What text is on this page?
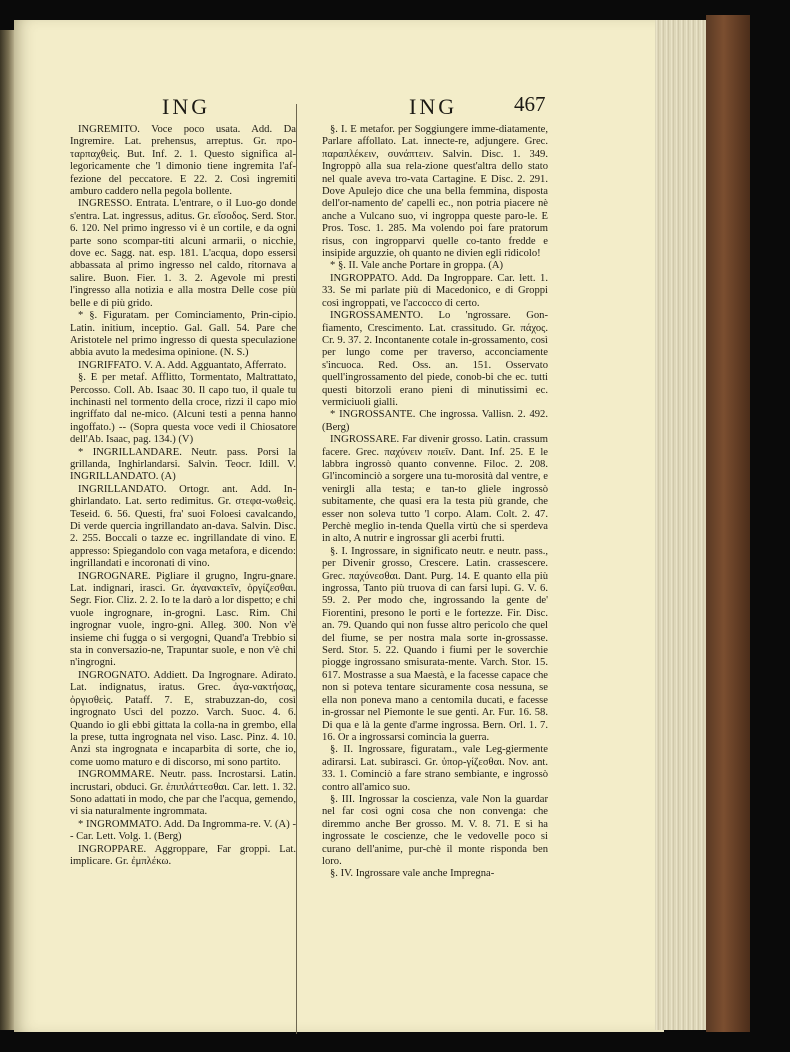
ING	ING	467

INGREMITO. Voce poco usata. Add. Da Ingremire. Lat. prehensus, arreptus. Gr. προ-ταρπαχθεὶς. But. Inf. 2. 1. Questo significa al-legoricamente che 'l dimonio tiene ingremita l'af-fezione del peccatore. E 22. 2. Così ingremiti amburo caddero nella pegola bollente.

INGRESSO. Entrata. L'entrare, o il Luo-go donde s'entra. Lat. ingressus, aditus. Gr. εἴσοδος. Serd. Stor. 6. 120. Nel primo ingresso vi è un cortile, e da ogni parte sono scompar-titi alcuni armarii, o nicchie, dove ec. Sagg. nat. esp. 181. L'acqua, dopo essersi abbassata al primo ingresso nel caldo, ritornava a salire. Buon. Fier. 1. 3. 2. Agevole mi presti l'ingresso alla notizia e alla mostra Delle cose più belle e di più grido.

* §. Figuratam. per Cominciamento, Prin-cipio. Latin. initium, inceptio. Gal. Gall. 54. Pare che Aristotele nel primo ingresso di questa speculazione abbia avuto la medesima opinione. (N. S.)

INGRIFFATO. V. A. Add. Agguantato, Afferrato.

§. E per metaf. Afflitto, Tormentato, Maltrattato, Percosso. Coll. Ab. Isaac 30. Il capo tuo, il quale tu inchinasti nel tormento della croce, rizzi il capo mio ingriffato dal ne-mico. (Alcuni testi a penna hanno ingoffato.) -- (Sopra questa voce vedi il Chiosatore dell'Ab. Isaac, pag. 134.) (V)

* INGRILLANDARE. Neutr. pass. Porsi la grillanda, Inghirlandarsi. Salvin. Teocr. Idill. V. INGRILLANDATO. (A)

INGRILLANDATO. Ortogr. ant. Add. In-ghirlandato. Lat. serto redimitus. Gr. στεφα-νωθεὶς. Teseid. 6. 56. Questi, fra' suoi Foloesi cavalcando, Di verde quercia ingrillandato an-dava. Salvin. Disc. 2. 255. Boccali o tazze ec. ingrillandate di vino. E appresso: Spiegandolo con vaga metafora, e dicendo: ingrillandati e incoronati di vino.

INGROGNARE. Pigliare il grugno, Ingru-gnare. Lat. indignari, irasci. Gr. ἀγανακτεῖν, ὀργίζεσθαι. Segr. Fior. Cliz. 2. 2. Io te la darò a lor dispetto; e chi vuole ingrognare, in-grogni. Lasc. Rim. Chi ingrognar vuole, ingro-gni. Alleg. 300. Non v'è insieme chi fugga o si vergogni, Quand'a Trebbio si sta in conversazio-ne, Trapuntar suole, e non v'è chi n'ingrogni.

INGROGNATO. Addiett. Da Ingrognare. Adirato. Lat. indignatus, iratus. Grec. ἀγα-νακτήσας, ὀργισθεὶς. Pataff. 7. E, strabuzzan-do, così ingrognato Uscì del pozzo. Varch. Suoc. 4. 6. Quando io gli ebbi gittata la colla-na in grembo, ella la prese, tutta ingrognata nel viso. Lasc. Pinz. 4. 10. Anzi sta ingrognata e incaparbita di sorte, che io, come uomo maturo e di discorso, mi sono partito.

INGROMMARE. Neutr. pass. Incrostarsi. Latin. incrustari, obduci. Gr. ἐπιπλάττεσθαι. Car. lett. 1. 32. Sono adattati in modo, che par che l'acqua, gemendo, vi sia naturalmente ingrommata.

* INGROMMATO. Add. Da Ingromma-re. V. (A) -- Car. Lett. Volg. 1. (Berg)

INGROPPARE. Aggroppare, Far groppi. Lat. implicare. Gr. ἐμπλέκω.

§. I. E metafor. per Soggiungere imme-diatamente, Parlare affollato. Lat. innecte-re, adjungere. Grec. παραπλέκειν, συνάπτειν. Salvin. Disc. 1. 349. Ingroppò alla sua rela-zione quest'altra dello stato nel quale aveva tro-vata Cartagine. E Disc. 2. 291. Dove Apulejo dice che una bella femmina, disposta dell'or-namento de' capelli ec., non potria piacere nè anche a Vulcano suo, vi ingroppa queste paro-le. E Pros. Tosc. 1. 285. Ma volendo poi fare pratorum risus, con ingropparvi quelle co-tanto fredde e insipide arguzzie, oh quanto ne divien egli ridicolo!

* §. II. Vale anche Portare in groppa. (A)

INGROPPATO. Add. Da Ingroppare. Car. lett. 1. 33. Se mi parlate più di Macedonico, e di Groppi così ingroppati, ve l'accocco di certo.

INGROSSAMENTO. Lo 'ngrossare. Gon-fiamento, Crescimento. Lat. crassitudo. Gr. πάχος. Cr. 9. 37. 2. Incontanente cotale in-grossamento, così per lungo come per traverso, acconciamente s'incuoca. Red. Oss. an. 151. Osservato quell'ingrossamento del piede, conob-bi che ec. tutti questi bitorzoli erano pieni di minutissimi ec. vermiciuoli gialli.

* INGROSSANTE. Che ingrossa. Vallisn. 2. 492. (Berg)

INGROSSARE. Far divenir grosso. Latin. crassum facere. Grec. παχύνειν ποιεῖν. Dant. Inf. 25. E le labbra ingrossò quanto convenne. Filoc. 2. 208. Gl'incominciò a sorgere una tu-morosità dal ventre, e venirgli alla testa; e tan-to gliele ingrossò subitamente, che quasi era la testa più grande, che esser non soleva tutto 'l corpo. Alam. Colt. 2. 47. Perchè meglio in-tenda Quella virtù che si sperdeva in alto, A nutrir e ingrossar gli acerbi frutti.

§. I. Ingrossare, in significato neutr. e neutr. pass., per Divenir grosso, Crescere. Latin. crassescere. Grec. παχύνεσθαι. Dant. Purg. 14. E quanto ella più ingrossa, Tanto più truova di can farsi lupi. G. V. 6. 59. 2. Per modo che, ingrossando la gente de' Fiorentini, presono le porti e le fortezze. Fir. Disc. an. 79. Quando qui non fusse altro pericolo che quel del fiume, se per nostra mala sorte in-grossasse. Serd. Stor. 5. 22. Quando i fiumi per le soverchie piogge ingrossano smisurata-mente. Varch. Stor. 15. 617. Mostrasse a sua Maestà, e la facesse capace che non si poteva tentare sicuramente cosa nessuna, se ella non poneva mano a centomila ducati, e facesse in-grossar nel Piemonte le sue genti. Ar. Fur. 16. 58. Di qua e là la gente d'arme ingrossa. Bern. Orl. 1. 7. 16. Or a ingrossarsi comincia la guerra.

§. II. Ingrossare, figuratam., vale Leg-giermente adirarsi. Lat. subirasci. Gr. ὑπορ-γίζεσθαι. Nov. ant. 33. 1. Cominciò a fare strano sembiante, e ingrossò contro all'amico suo.

§. III. Ingrossar la coscienza, vale Non la guardar nel far così ogni cosa che non convenga: che diremmo anche Ber grosso. M. V. 8. 71. E sì ha ingrossate le coscienze, che le vedovelle poco si curano dell'anime, pur-chè il monte risponda ben loro.

§. IV. Ingrossare vale anche Impregna-
